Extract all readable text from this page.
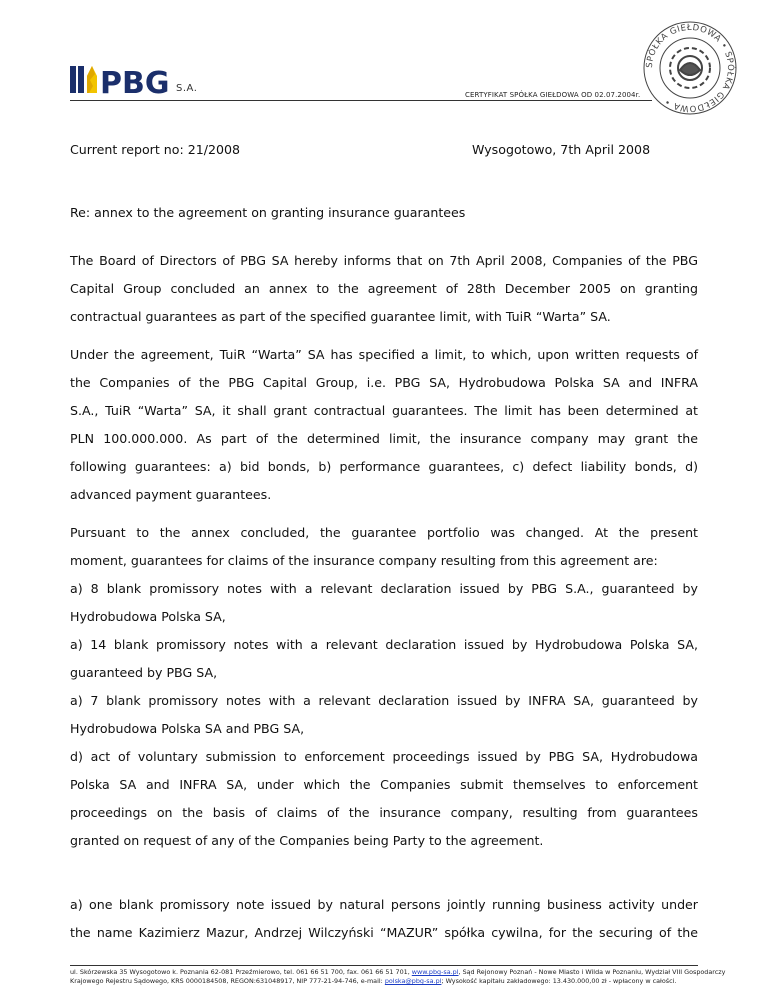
PBG S.A.
CERTYFIKAT SPÓŁKA GIEŁDOWA OD 02.07.2004r.
SPÓŁKA GIEŁDOWA • SPÓŁKA GIEŁDOWA •
Current report no: 21/2008	Wysogotowo, 7th April 2008
Re: annex to the agreement on granting insurance guarantees

The Board of Directors of PBG SA hereby informs that on 7th April 2008, Companies of the PBG

Capital Group concluded an annex to the agreement of 28th December 2005 on granting

contractual guarantees as part of the specified guarantee limit, with TuiR “Warta” SA.

Under the agreement, TuiR “Warta” SA has specified a limit, to which, upon written requests of

the Companies of the PBG Capital Group, i.e. PBG SA, Hydrobudowa Polska SA and INFRA

S.A., TuiR “Warta” SA, it shall grant contractual guarantees. The limit has been determined at

PLN 100.000.000. As part of the determined limit, the insurance company may grant the

following guarantees: a) bid bonds, b) performance guarantees, c) defect liability bonds, d)

advanced payment guarantees.

Pursuant to the annex concluded, the guarantee portfolio was changed. At the present

moment, guarantees for claims of the insurance company resulting from this agreement are:

a) 8 blank promissory notes with a relevant declaration issued by PBG S.A., guaranteed by

Hydrobudowa Polska SA,

a) 14 blank promissory notes with a relevant declaration issued by Hydrobudowa Polska SA,

guaranteed by PBG SA,

a) 7 blank promissory notes with a relevant declaration issued by INFRA SA, guaranteed by

Hydrobudowa Polska SA and PBG SA,

d) act of voluntary submission to enforcement proceedings issued by PBG SA, Hydrobudowa

Polska SA and INFRA SA, under which the Companies submit themselves to enforcement

proceedings on the basis of claims of the insurance company, resulting from guarantees

granted on request of any of the Companies being Party to the agreement.

a) one blank promissory note issued by natural persons jointly running business activity under

the name Kazimierz Mazur, Andrzej Wilczyński “MAZUR” spółka cywilna, for the securing of the

ul. Skórzewska 35 Wysogotowo k. Poznania 62-081 Przeźmierowo, tel. 061 66 51 700, fax. 061 66 51 701, www.pbg-sa.pl, Sąd Rejonowy Poznań - Nowe Miasto i Wilda w Poznaniu, Wydział VIII Gospodarczy
Krajowego Rejestru Sądowego, KRS 0000184508, REGON:631048917, NIP 777-21-94-746, e-mail: polska@pbg-sa.pl; Wysokość kapitału zakładowego: 13.430.000,00 zł - wpłacony w całości.
